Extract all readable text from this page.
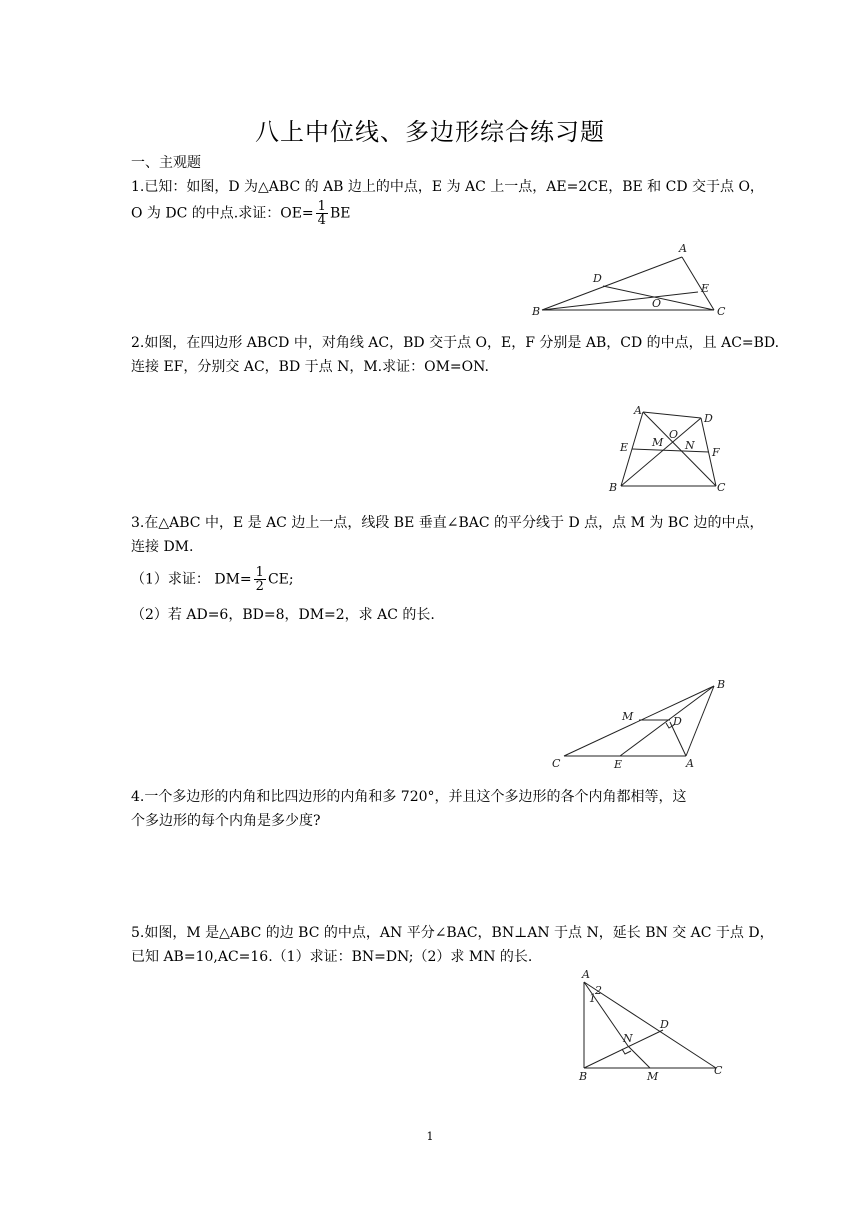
八上中位线、多边形综合练习题
一、主观题
1.已知：如图，D 为△ABC 的 AB 边上的中点，E 为 AC 上一点，AE=2CE，BE 和 CD 交于点 O，
O 为 DC 的中点.求证：$OE= \frac{1}{4}$ BE
A
B	C
D
E
O
2.如图，在四边形 ABCD 中，对角线 AC，BD 交于点 O，E，F 分别是 AB，CD 的中点，且 AC=BD.
连接 EF，分别交 AC，BD 于点 N，M.求证：OM=ON.
A
D
E	F
M N
O
B	C
3.在△ABC 中，E 是 AC 边上一点，线段 BE 垂直∠BAC 的平分线于 D 点，点 M 为 BC 边的中点，
连接 DM.
（1）求证： $DM= \frac{1}{2}$ CE;
（2）若 AD=6，BD=8，DM=2，求 AC 的长.
B
M	D
C	E	A
4.一个多边形的内角和比四边形的内角和多 720°，并且这个多边形的各个内角都相等，这
个多边形的每个内角是多少度?
5.如图，M 是△ABC 的边 BC 的中点，AN 平分∠BAC，BN⊥AN 于点 N，延长 BN 交 AC 于点 D，
已知 AB=10,AC=16.（1）求证：BN=DN;（2）求 MN 的长.
A
1
2
D
N
B	M	C
1
